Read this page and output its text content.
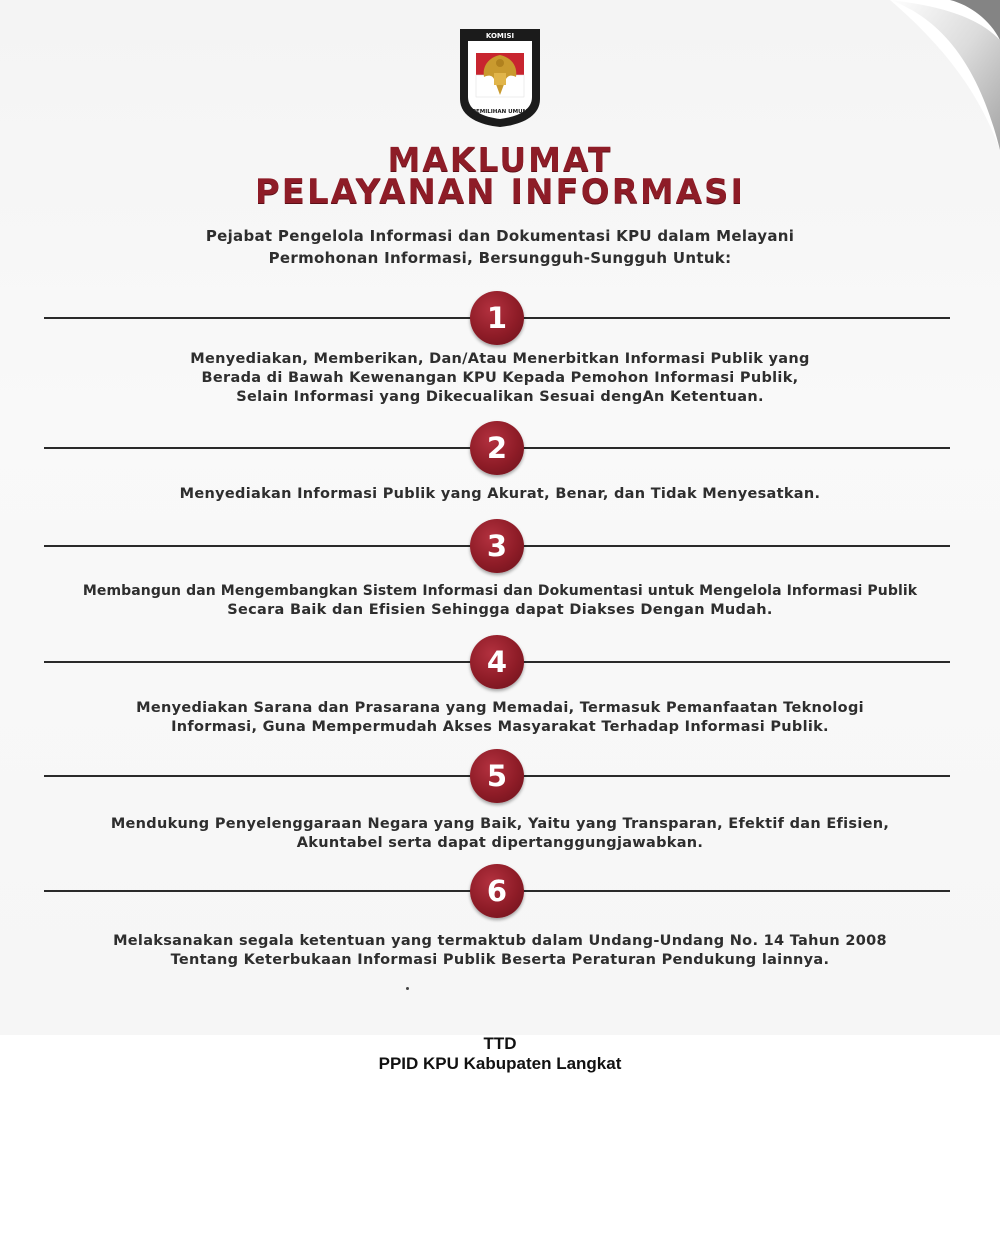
KOMISI
PEMILIHAN UMUM
MAKLUMAT
PELAYANAN INFORMASI
Pejabat Pengelola Informasi dan Dokumentasi KPU dalam Melayani
Permohonan Informasi, Bersungguh-Sungguh Untuk:
1
Menyediakan, Memberikan, Dan/Atau Menerbitkan Informasi Publik yang
Berada di Bawah Kewenangan KPU Kepada Pemohon Informasi Publik,
Selain Informasi yang Dikecualikan Sesuai dengAn Ketentuan.
2
Menyediakan Informasi Publik yang Akurat, Benar, dan Tidak Menyesatkan.
3
Membangun dan Mengembangkan Sistem Informasi dan Dokumentasi untuk Mengelola Informasi Publik
Secara Baik dan Efisien Sehingga dapat Diakses Dengan Mudah.
4
Menyediakan Sarana dan Prasarana yang Memadai, Termasuk Pemanfaatan Teknologi
Informasi, Guna Mempermudah Akses Masyarakat Terhadap Informasi Publik.
5
Mendukung Penyelenggaraan Negara yang Baik, Yaitu yang Transparan, Efektif dan Efisien,
Akuntabel serta dapat dipertanggungjawabkan.
6
Melaksanakan segala ketentuan yang termaktub dalam Undang-Undang No. 14 Tahun 2008
Tentang Keterbukaan Informasi Publik Beserta Peraturan Pendukung lainnya.
TTD
PPID KPU Kabupaten Langkat
